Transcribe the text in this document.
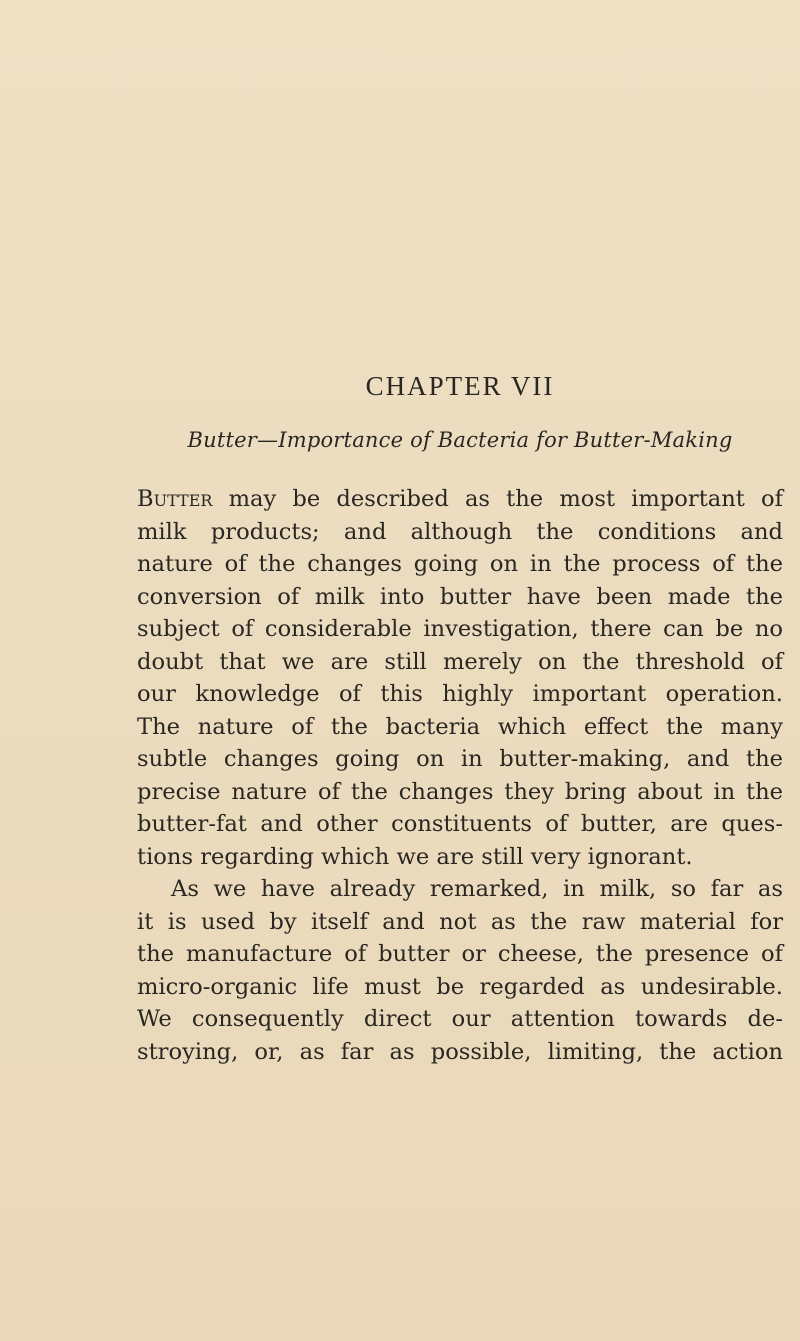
CHAPTER VII
Butter—Importance of Bacteria for Butter-Making
Butter may be described as the most important of
milk products; and although the conditions and
nature of the changes going on in the process of the
conversion of milk into butter have been made the
subject of considerable investigation, there can be no
doubt that we are still merely on the threshold of
our knowledge of this highly important operation.
The nature of the bacteria which effect the many
subtle changes going on in butter-making, and the
precise nature of the changes they bring about in the
butter-fat and other constituents of butter, are ques-
tions regarding which we are still very ignorant.
As we have already remarked, in milk, so far as
it is used by itself and not as the raw material for
the manufacture of butter or cheese, the presence of
micro-organic life must be regarded as undesirable.
We consequently direct our attention towards de-
stroying, or, as far as possible, limiting, the action
